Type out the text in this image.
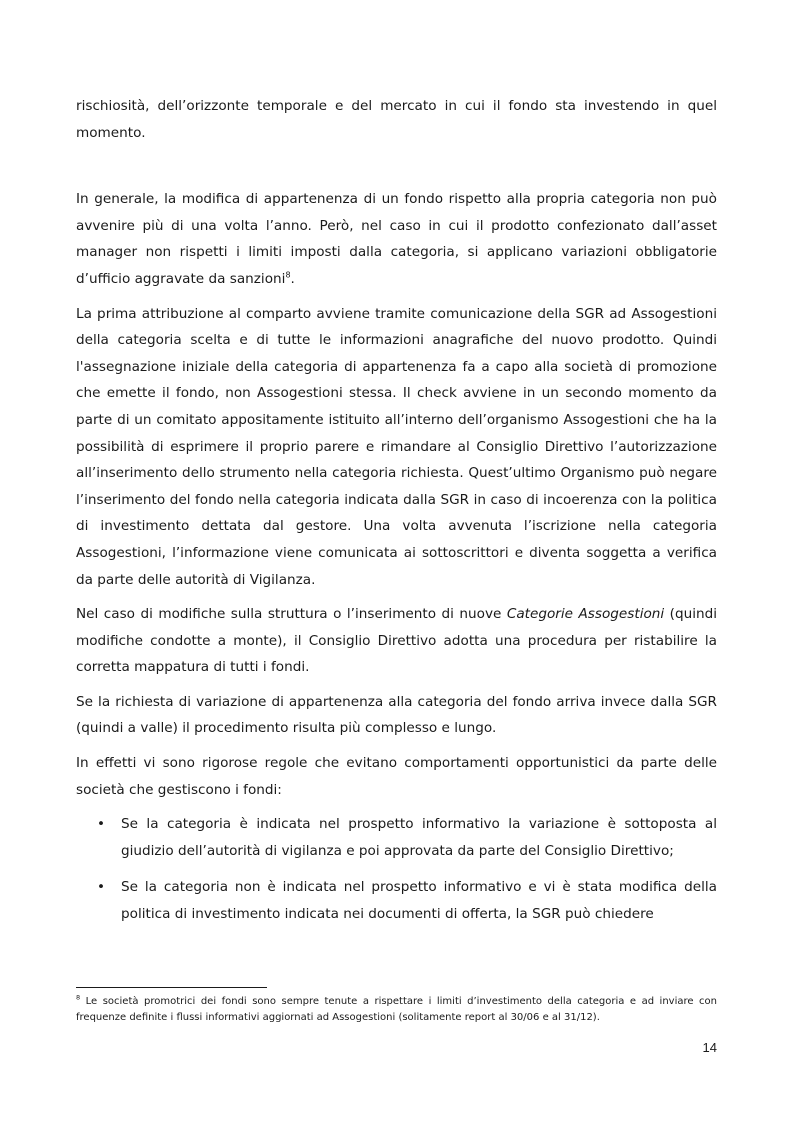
rischiosità, dell’orizzonte temporale e del mercato in cui il fondo sta investendo in quel momento.

In generale, la modifica di appartenenza di un fondo rispetto alla propria categoria non può avvenire più di una volta l’anno. Però, nel caso in cui il prodotto confezionato dall’asset manager non rispetti i limiti imposti dalla categoria, si applicano variazioni obbligatorie d’ufficio aggravate da sanzioni$^8$.

La prima attribuzione al comparto avviene tramite comunicazione della SGR ad Assogestioni della categoria scelta e di tutte le informazioni anagrafiche del nuovo prodotto. Quindi l'assegnazione iniziale della categoria di appartenenza fa a capo alla società di promozione che emette il fondo, non Assogestioni stessa. Il check avviene in un secondo momento da parte di un comitato appositamente istituito all’interno dell’organismo Assogestioni che ha la possibilità di esprimere il proprio parere e rimandare al Consiglio Direttivo l’autorizzazione all’inserimento dello strumento nella categoria richiesta. Quest’ultimo Organismo può negare l’inserimento del fondo nella categoria indicata dalla SGR in caso di incoerenza con la politica di investimento dettata dal gestore. Una volta avvenuta l’iscrizione nella categoria Assogestioni, l’informazione viene comunicata ai sottoscrittori e diventa soggetta a verifica da parte delle autorità di Vigilanza.

Nel caso di modifiche sulla struttura o l’inserimento di nuove Categorie Assogestioni (quindi modifiche condotte a monte), il Consiglio Direttivo adotta una procedura per ristabilire la corretta mappatura di tutti i fondi.

Se la richiesta di variazione di appartenenza alla categoria del fondo arriva invece dalla SGR (quindi a valle) il procedimento risulta più complesso e lungo.

In effetti vi sono rigorose regole che evitano comportamenti opportunistici da parte delle società che gestiscono i fondi:

• Se la categoria è indicata nel prospetto informativo la variazione è sottoposta al giudizio dell’autorità di vigilanza e poi approvata da parte del Consiglio Direttivo;
• Se la categoria non è indicata nel prospetto informativo e vi è stata modifica della politica di investimento indicata nei documenti di offerta, la SGR può chiedere
$^8$ Le società promotrici dei fondi sono sempre tenute a rispettare i limiti d’investimento della categoria e ad inviare con frequenze definite i flussi informativi aggiornati ad Assogestioni (solitamente report al 30/06 e al 31/12).
14
